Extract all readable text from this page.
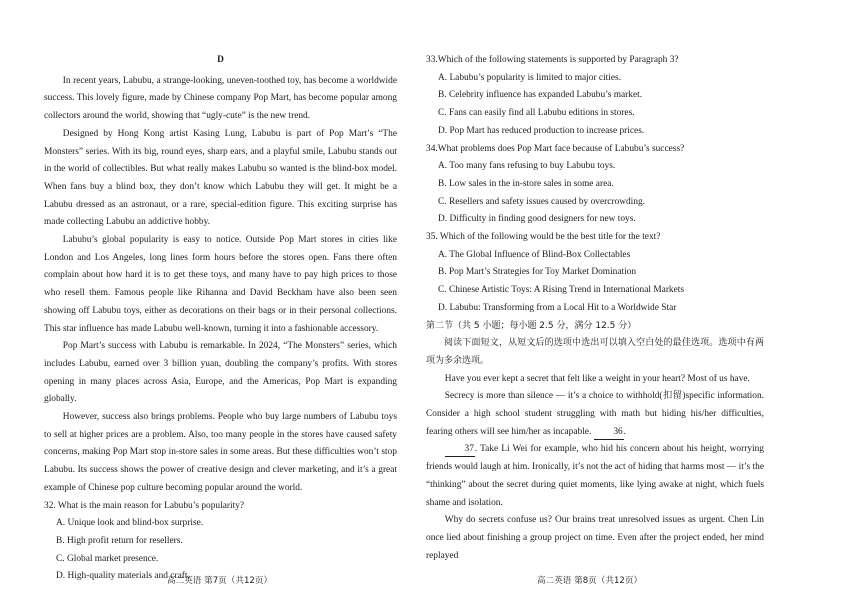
D

In recent years, Labubu, a strange-looking, uneven-toothed toy, has become a worldwide success. This lovely figure, made by Chinese company Pop Mart, has become popular among collectors around the world, showing that “ugly-cute” is the new trend.

Designed by Hong Kong artist Kasing Lung, Labubu is part of Pop Mart’s “The Monsters” series. With its big, round eyes, sharp ears, and a playful smile, Labubu stands out in the world of collectibles. But what really makes Labubu so wanted is the blind-box model. When fans buy a blind box, they don’t know which Labubu they will get. It might be a Labubu dressed as an astronaut, or a rare, special-edition figure. This exciting surprise has made collecting Labubu an addictive hobby.

Labubu’s global popularity is easy to notice. Outside Pop Mart stores in cities like London and Los Angeles, long lines form hours before the stores open. Fans there often complain about how hard it is to get these toys, and many have to pay high prices to those who resell them. Famous people like Rihanna and David Beckham have also been seen showing off Labubu toys, either as decorations on their bags or in their personal collections. This star influence has made Labubu well-known, turning it into a fashionable accessory.

Pop Mart’s success with Labubu is remarkable. In 2024, “The Monsters” series, which includes Labubu, earned over 3 billion yuan, doubling the company’s profits. With stores opening in many places across Asia, Europe, and the Americas, Pop Mart is expanding globally.

However, success also brings problems. People who buy large numbers of Labubu toys to sell at higher prices are a problem. Also, too many people in the stores have caused safety concerns, making Pop Mart stop in-store sales in some areas. But these difficulties won’t stop Labubu. Its success shows the power of creative design and clever marketing, and it’s a great example of Chinese pop culture becoming popular around the world.

32. What is the main reason for Labubu’s popularity?
A. Unique look and blind-box surprise.
B. High profit return for resellers.
C. Global market presence.
D. High-quality materials and craft.
33.Which of the following statements is supported by Paragraph 3?
A. Labubu’s popularity is limited to major cities.
B. Celebrity influence has expanded Labubu’s market.
C. Fans can easily find all Labubu editions in stores.
D. Pop Mart has reduced production to increase prices.
34.What problems does Pop Mart face because of Labubu’s success?
A. Too many fans refusing to buy Labubu toys.
B. Low sales in the in-store sales in some area.
C. Resellers and safety issues caused by overcrowding.
D. Difficulty in finding good designers for new toys.
35. Which of the following would be the best title for the text?
A. The Global Influence of Blind-Box Collectables
B. Pop Mart’s Strategies for Toy Market Domination
C. Chinese Artistic Toys: A Rising Trend in International Markets
D. Labubu: Transforming from a Local Hit to a Worldwide Star
第二节（共 5 小题；每小题 2.5 分，满分 12.5 分）

阅读下面短文，从短文后的选项中选出可以填入空白处的最佳选项。选项中有两项为多余选项。

Have you ever kept a secret that felt like a weight in your heart? Most of us have.

Secrecy is more than silence — it’s a choice to withhold(扣留)specific information. Consider a high school student struggling with math but hiding his/her difficulties, fearing others will see him/her as incapable. 36.

37. Take Li Wei for example, who hid his concern about his height, worrying friends would laugh at him. Ironically, it’s not the act of hiding that harms most — it’s the “thinking” about the secret during quiet moments, like lying awake at night, which fuels shame and isolation.

Why do secrets confuse us? Our brains treat unresolved issues as urgent. Chen Lin once lied about finishing a group project on time. Even after the project ended, her mind replayed

高二英语 第7页（共12页）	高二英语 第8页（共12页）
